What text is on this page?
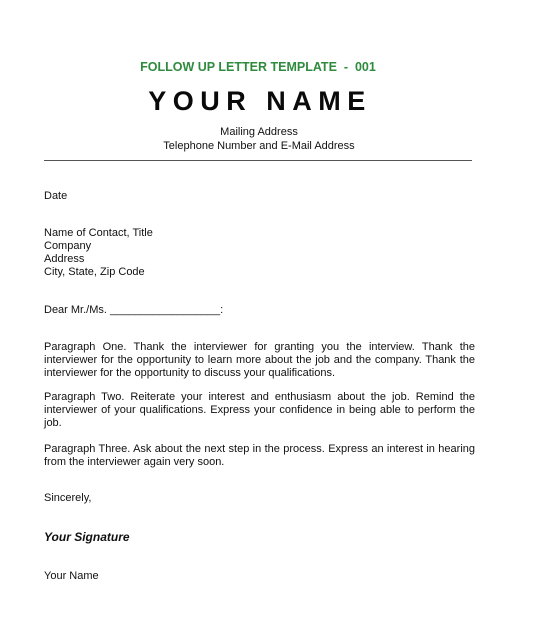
FOLLOW UP LETTER TEMPLATE  -  001
YOUR NAME
Mailing Address
Telephone Number and E-Mail Address
Date
Name of Contact, Title
Company
Address
City, State, Zip Code
Dear Mr./Ms. __________________:
Paragraph One. Thank the interviewer for granting you the interview. Thank the interviewer for the opportunity to learn more about the job and the company. Thank the interviewer for the opportunity to discuss your qualifications.
Paragraph Two. Reiterate your interest and enthusiasm about the job. Remind the interviewer of your qualifications. Express your confidence in being able to perform the job.
Paragraph Three. Ask about the next step in the process. Express an interest in hearing from the interviewer again very soon.
Sincerely,
Your Signature
Your Name
